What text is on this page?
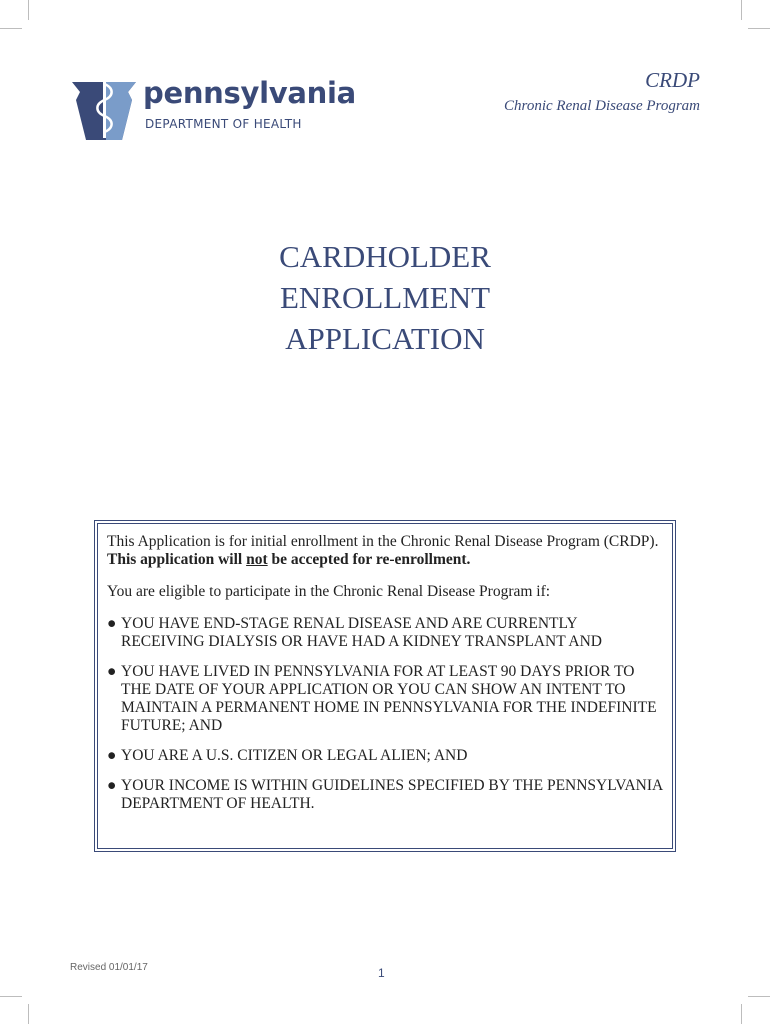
pennsylvania
DEPARTMENT OF HEALTH
CRDP
Chronic Renal Disease Program
CARDHOLDER
ENROLLMENT
APPLICATION

This Application is for initial enrollment in the Chronic Renal Disease Program (CRDP). This application will not be accepted for re-enrollment.

You are eligible to participate in the Chronic Renal Disease Program if:

● YOU HAVE END-STAGE RENAL DISEASE AND ARE CURRENTLY RECEIVING DIALYSIS OR HAVE HAD A KIDNEY TRANSPLANT AND
● YOU HAVE LIVED IN PENNSYLVANIA FOR AT LEAST 90 DAYS PRIOR TO THE DATE OF YOUR APPLICATION OR YOU CAN SHOW AN INTENT TO MAINTAIN A PERMANENT HOME IN PENNSYLVANIA FOR THE INDEFINITE FUTURE; AND
● YOU ARE A U.S. CITIZEN OR LEGAL ALIEN; AND
● YOUR INCOME IS WITHIN GUIDELINES SPECIFIED BY THE PENNSYLVANIA DEPARTMENT OF HEALTH.
Revised 01/01/17	1
